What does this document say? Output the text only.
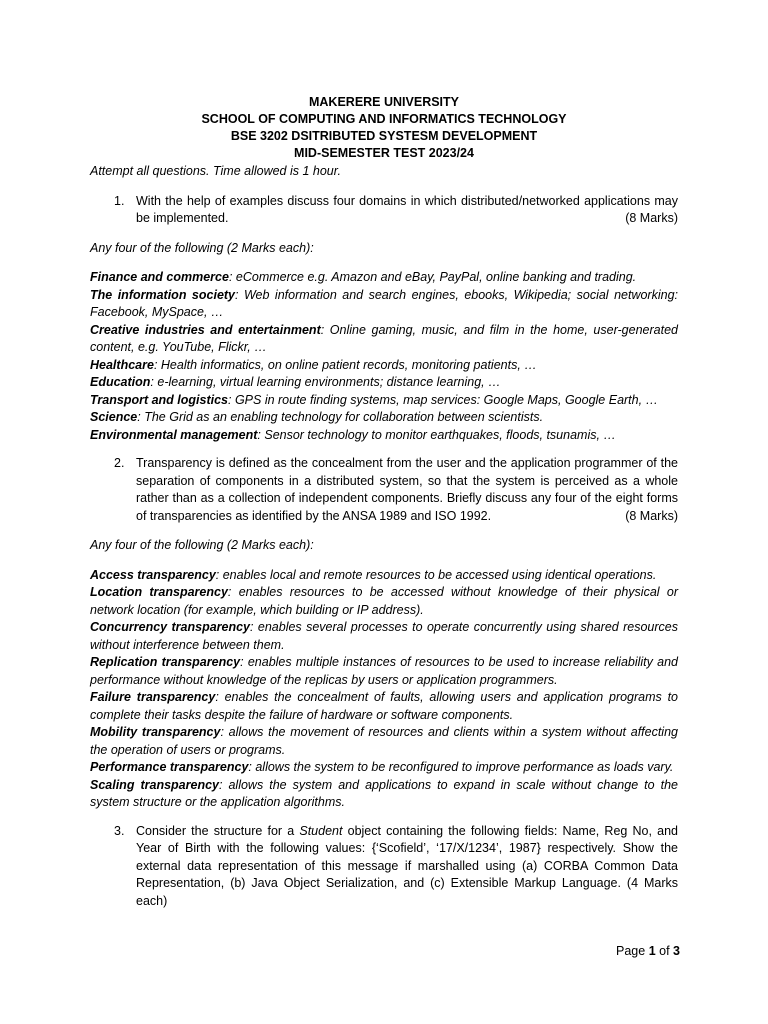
MAKERERE UNIVERSITY
SCHOOL OF COMPUTING AND INFORMATICS TECHNOLOGY
BSE 3202 DSITRIBUTED SYSTESM DEVELOPMENT
MID-SEMESTER TEST 2023/24
Attempt all questions. Time allowed is 1 hour.
1. With the help of examples discuss four domains in which distributed/networked applications may be implemented.	(8 Marks)
Any four of the following (2 Marks each):

Finance and commerce: eCommerce e.g. Amazon and eBay, PayPal, online banking and trading.

The information society: Web information and search engines, ebooks, Wikipedia; social networking: Facebook, MySpace, …

Creative industries and entertainment: Online gaming, music, and film in the home, user-generated content, e.g. YouTube, Flickr, …

Healthcare: Health informatics, on online patient records, monitoring patients, …

Education: e-learning, virtual learning environments; distance learning, …

Transport and logistics: GPS in route finding systems, map services: Google Maps, Google Earth, …

Science: The Grid as an enabling technology for collaboration between scientists.

Environmental management: Sensor technology to monitor earthquakes, floods, tsunamis, …

2. Transparency is defined as the concealment from the user and the application programmer of the separation of components in a distributed system, so that the system is perceived as a whole rather than as a collection of independent components. Briefly discuss any four of the eight forms of transparencies as identified by the ANSA 1989 and ISO 1992.	(8 Marks)
Any four of the following (2 Marks each):

Access transparency: enables local and remote resources to be accessed using identical operations.

Location transparency: enables resources to be accessed without knowledge of their physical or network location (for example, which building or IP address).

Concurrency transparency: enables several processes to operate concurrently using shared resources without interference between them.

Replication transparency: enables multiple instances of resources to be used to increase reliability and performance without knowledge of the replicas by users or application programmers.

Failure transparency: enables the concealment of faults, allowing users and application programs to complete their tasks despite the failure of hardware or software components.

Mobility transparency: allows the movement of resources and clients within a system without affecting the operation of users or programs.

Performance transparency: allows the system to be reconfigured to improve performance as loads vary.

Scaling transparency: allows the system and applications to expand in scale without change to the system structure or the application algorithms.

3. Consider the structure for a Student object containing the following fields: Name, Reg No, and Year of Birth with the following values: {‘Scofield’, ‘17/X/1234’, 1987} respectively. Show the external data representation of this message if marshalled using (a) CORBA Common Data Representation, (b) Java Object Serialization, and (c) Extensible Markup Language. (4 Marks each)
Page 1 of 3
